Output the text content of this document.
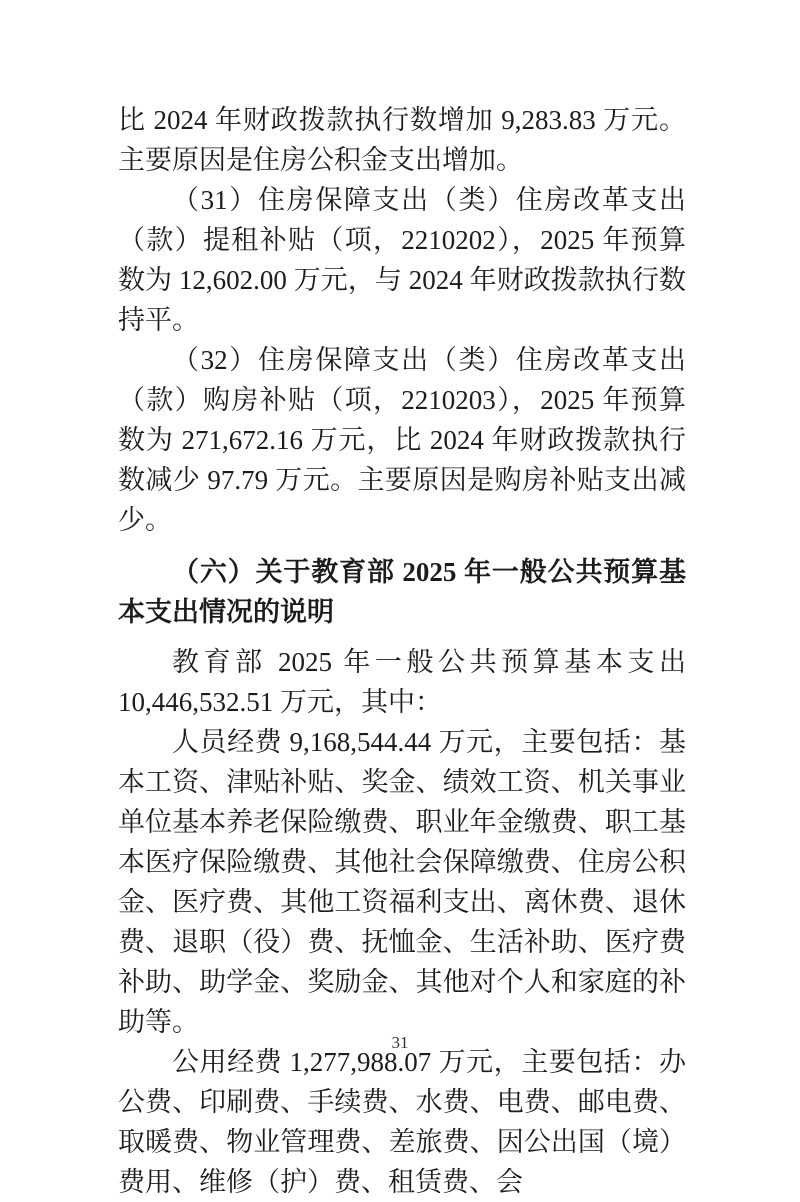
比 2024 年财政拨款执行数增加 9,283.83 万元。主要原因是住房公积金支出增加。

（31）住房保障支出（类）住房改革支出（款）提租补贴（项，2210202），2025 年预算数为 12,602.00 万元，与 2024 年财政拨款执行数持平。

（32）住房保障支出（类）住房改革支出（款）购房补贴（项，2210203），2025 年预算数为 271,672.16 万元，比 2024 年财政拨款执行数减少 97.79 万元。主要原因是购房补贴支出减少。

（六）关于教育部 2025 年一般公共预算基本支出情况的说明

教育部 2025 年一般公共预算基本支出 10,446,532.51 万元，其中：

人员经费 9,168,544.44 万元，主要包括：基本工资、津贴补贴、奖金、绩效工资、机关事业单位基本养老保险缴费、职业年金缴费、职工基本医疗保险缴费、其他社会保障缴费、住房公积金、医疗费、其他工资福利支出、离休费、退休费、退职（役）费、抚恤金、生活补助、医疗费补助、助学金、奖励金、其他对个人和家庭的补助等。

公用经费 1,277,988.07 万元，主要包括：办公费、印刷费、手续费、水费、电费、邮电费、取暖费、物业管理费、差旅费、因公出国（境）费用、维修（护）费、租赁费、会

31
